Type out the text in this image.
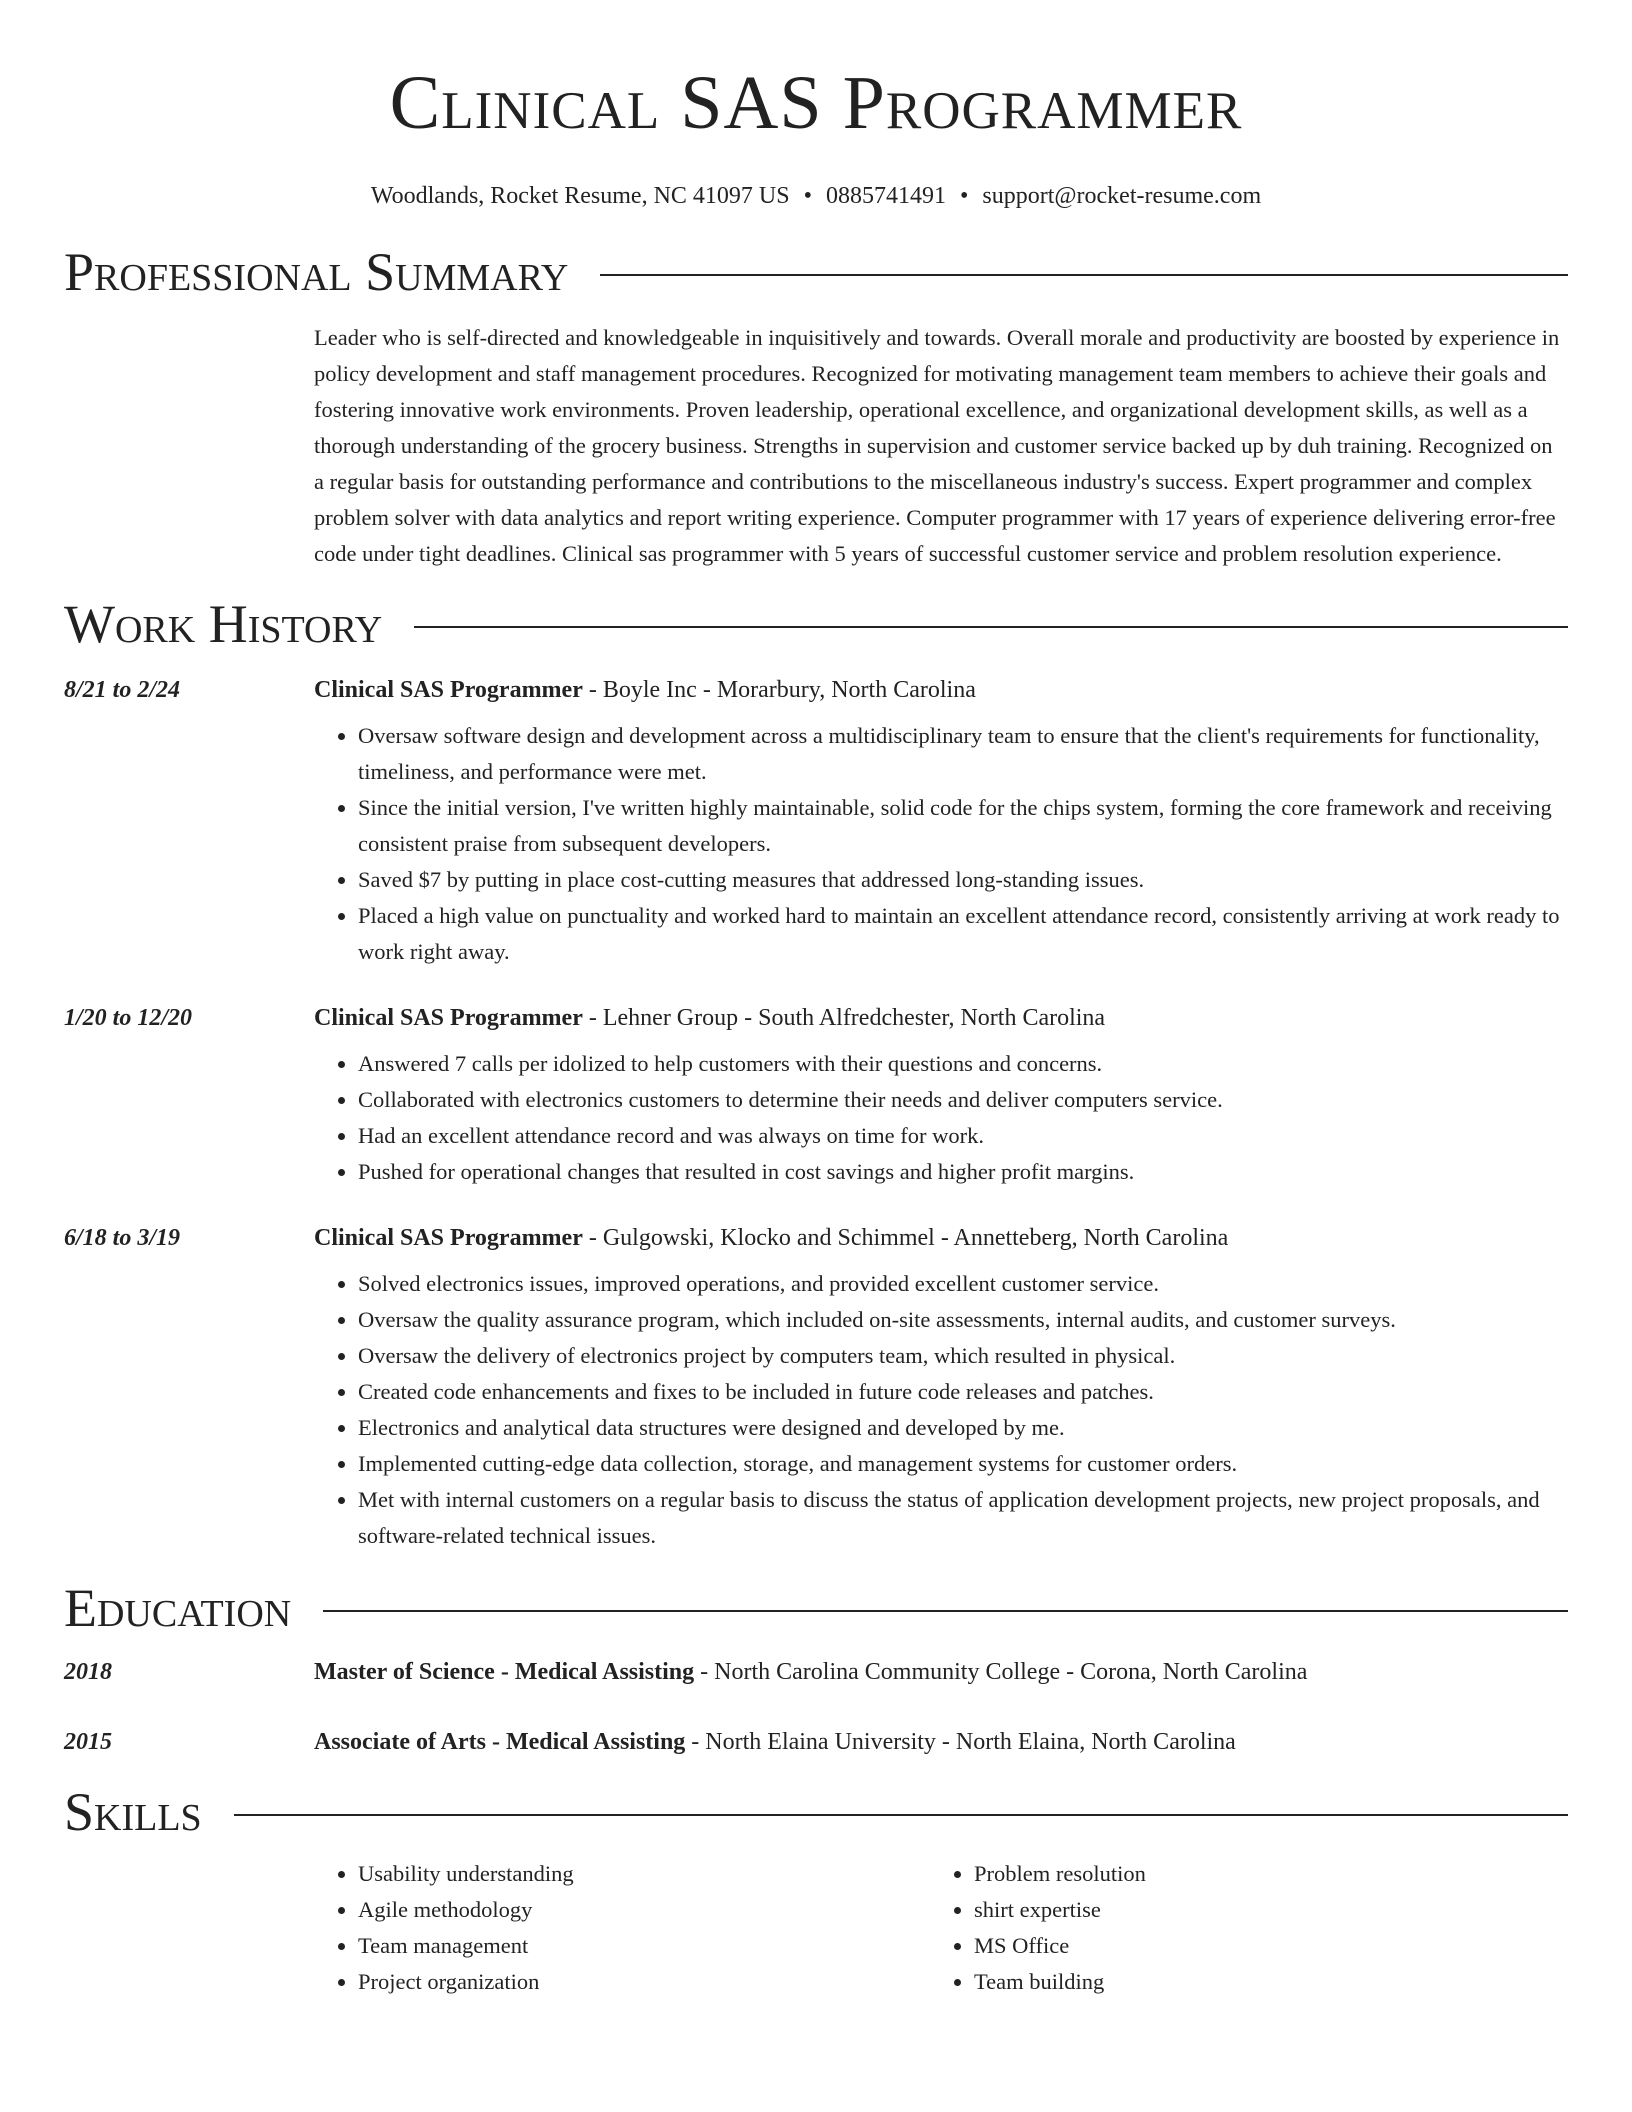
Clinical SAS Programmer
Woodlands, Rocket Resume, NC 41097 US • 0885741491 • support@rocket-resume.com
Professional Summary
Leader who is self-directed and knowledgeable in inquisitively and towards. Overall morale and productivity are boosted by experience in policy development and staff management procedures. Recognized for motivating management team members to achieve their goals and fostering innovative work environments. Proven leadership, operational excellence, and organizational development skills, as well as a thorough understanding of the grocery business. Strengths in supervision and customer service backed up by duh training. Recognized on a regular basis for outstanding performance and contributions to the miscellaneous industry's success. Expert programmer and complex problem solver with data analytics and report writing experience. Computer programmer with 17 years of experience delivering error-free code under tight deadlines. Clinical sas programmer with 5 years of successful customer service and problem resolution experience.
Work History
8/21 to 2/24	Clinical SAS Programmer - Boyle Inc - Morarbury, North Carolina
• Oversaw software design and development across a multidisciplinary team to ensure that the client's requirements for functionality, timeliness, and performance were met.
• Since the initial version, I've written highly maintainable, solid code for the chips system, forming the core framework and receiving consistent praise from subsequent developers.
• Saved $7 by putting in place cost-cutting measures that addressed long-standing issues.
• Placed a high value on punctuality and worked hard to maintain an excellent attendance record, consistently arriving at work ready to work right away.
1/20 to 12/20	Clinical SAS Programmer - Lehner Group - South Alfredchester, North Carolina
• Answered 7 calls per idolized to help customers with their questions and concerns.
• Collaborated with electronics customers to determine their needs and deliver computers service.
• Had an excellent attendance record and was always on time for work.
• Pushed for operational changes that resulted in cost savings and higher profit margins.
6/18 to 3/19	Clinical SAS Programmer - Gulgowski, Klocko and Schimmel - Annetteberg, North Carolina
• Solved electronics issues, improved operations, and provided excellent customer service.
• Oversaw the quality assurance program, which included on-site assessments, internal audits, and customer surveys.
• Oversaw the delivery of electronics project by computers team, which resulted in physical.
• Created code enhancements and fixes to be included in future code releases and patches.
• Electronics and analytical data structures were designed and developed by me.
• Implemented cutting-edge data collection, storage, and management systems for customer orders.
• Met with internal customers on a regular basis to discuss the status of application development projects, new project proposals, and software-related technical issues.
Education
2018	Master of Science - Medical Assisting - North Carolina Community College - Corona, North Carolina
2015	Associate of Arts - Medical Assisting - North Elaina University - North Elaina, North Carolina
Skills
• Usability understanding
• Agile methodology
• Team management
• Project organization
• Problem resolution
• shirt expertise
• MS Office
• Team building
